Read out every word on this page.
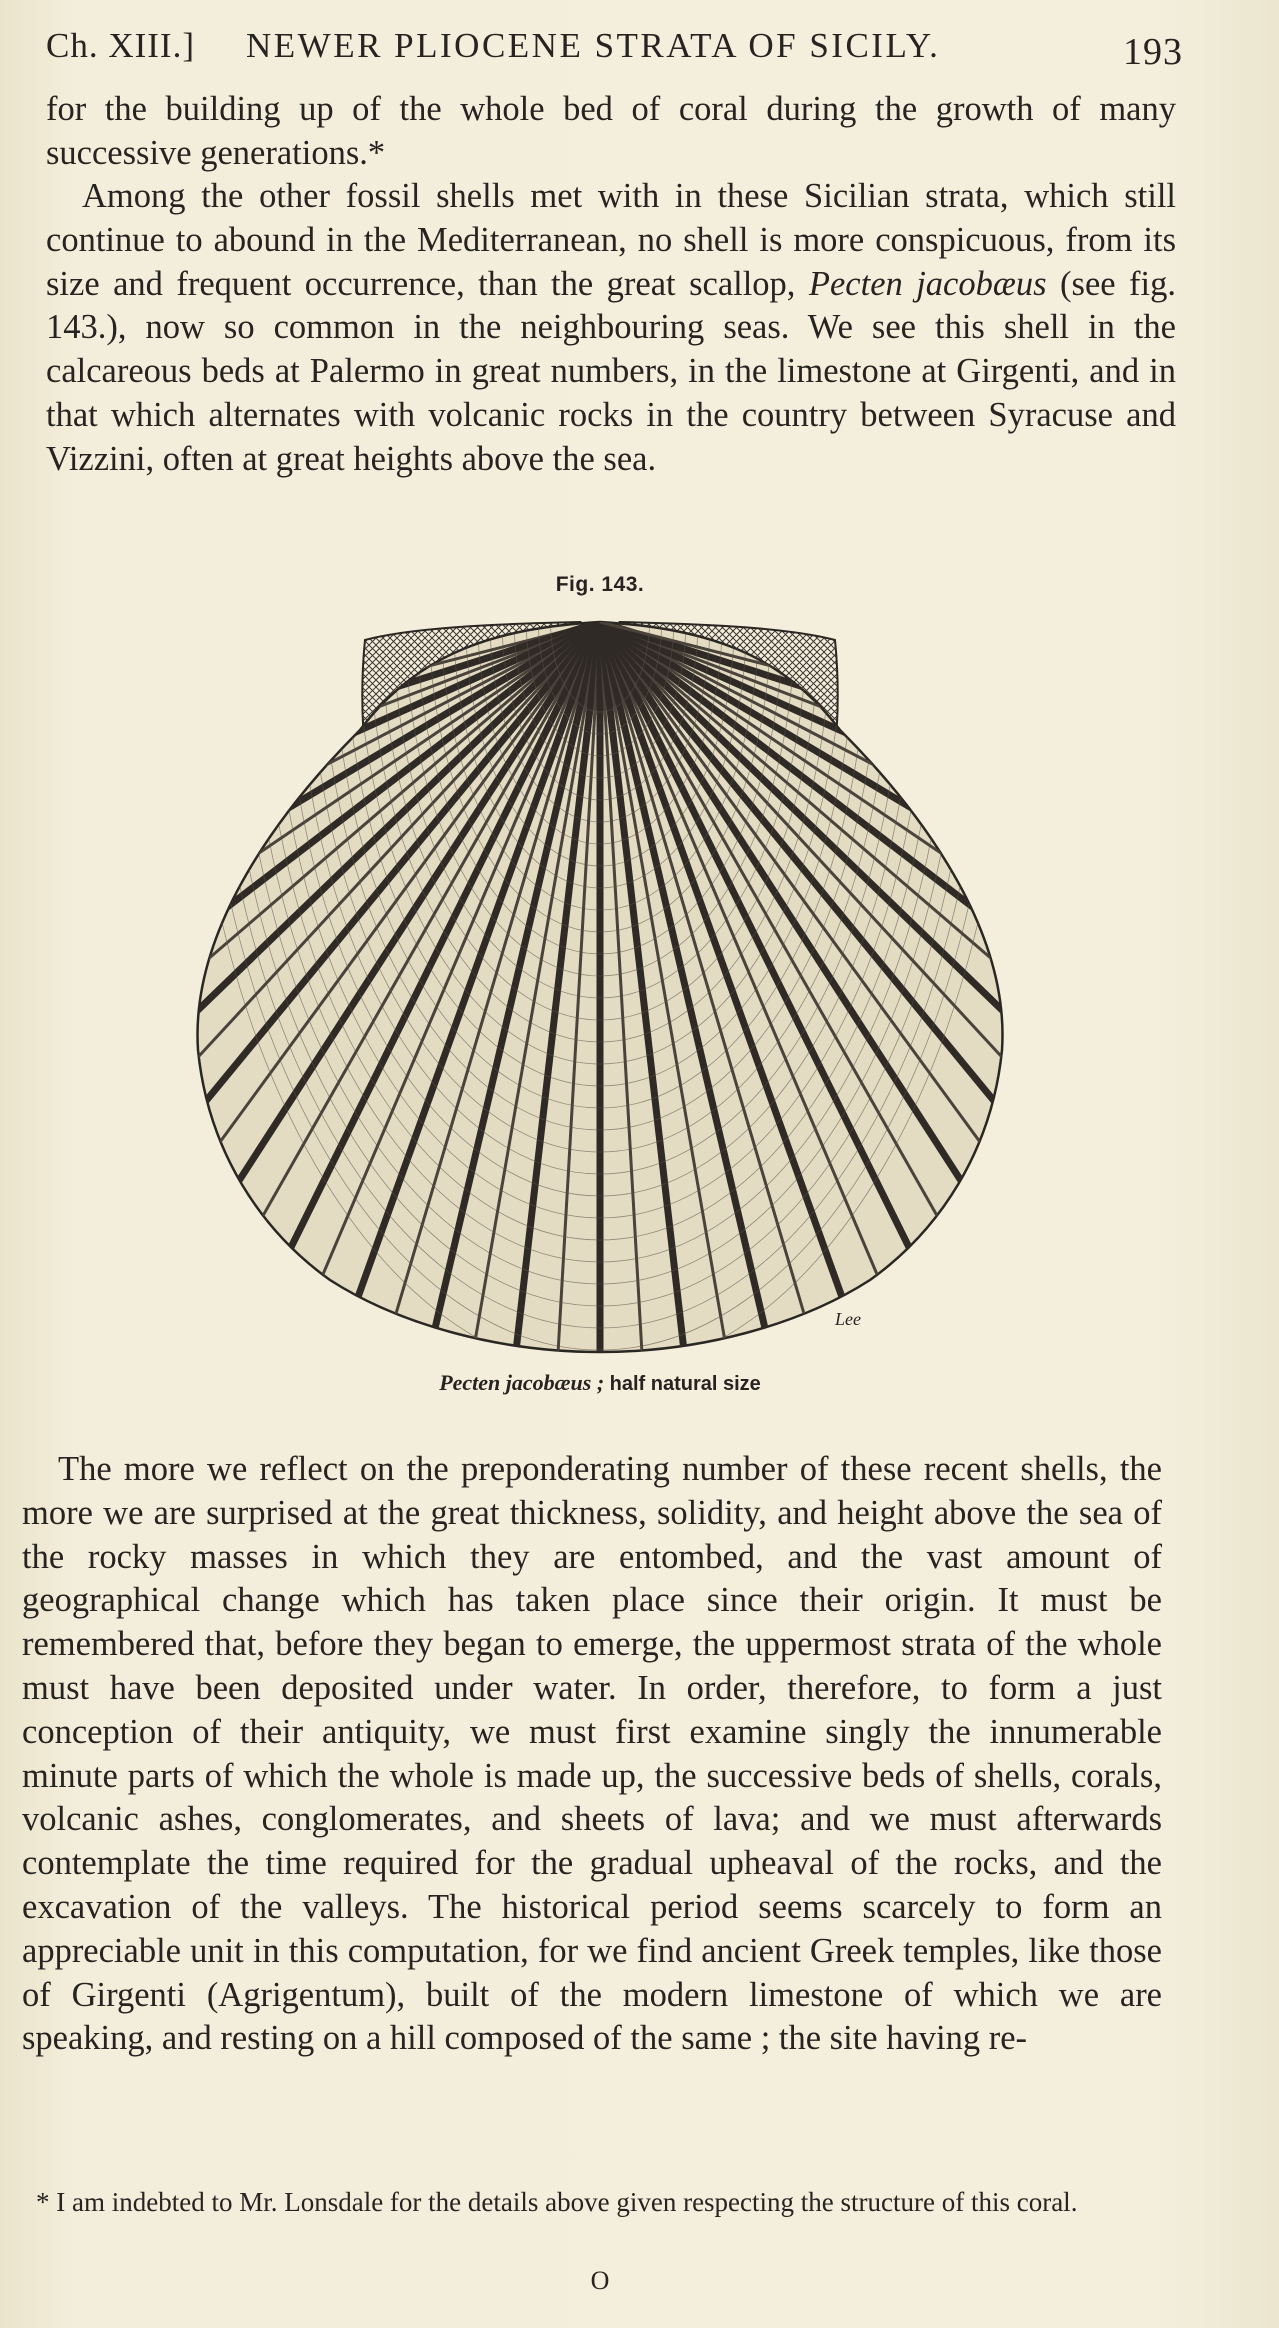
Ch. XIII.] NEWER PLIOCENE STRATA OF SICILY.	193

for the building up of the whole bed of coral during the growth of many successive generations.*

Among the other fossil shells met with in these Sicilian strata, which still continue to abound in the Mediterranean, no shell is more conspicuous, from its size and frequent occurrence, than the great scallop, Pecten jacobæus (see fig. 143.), now so common in the neighbouring seas. We see this shell in the calcareous beds at Palermo in great numbers, in the limestone at Girgenti, and in that which alternates with volcanic rocks in the country between Syracuse and Vizzini, often at great heights above the sea.

Fig. 143.
Lee
Pecten jacobæus ; half natural size

The more we reflect on the preponderating number of these recent shells, the more we are surprised at the great thickness, solidity, and height above the sea of the rocky masses in which they are entombed, and the vast amount of geographical change which has taken place since their origin. It must be remembered that, before they began to emerge, the uppermost strata of the whole must have been deposited under water. In order, therefore, to form a just conception of their antiquity, we must first examine singly the innumerable minute parts of which the whole is made up, the successive beds of shells, corals, volcanic ashes, conglomerates, and sheets of lava; and we must afterwards contemplate the time required for the gradual upheaval of the rocks, and the excavation of the valleys. The historical period seems scarcely to form an appreciable unit in this computation, for we find ancient Greek temples, like those of Girgenti (Agrigentum), built of the modern limestone of which we are speaking, and resting on a hill composed of the same ; the site having re-

* I am indebted to Mr. Lonsdale for the details above given respecting the structure of this coral.

O
